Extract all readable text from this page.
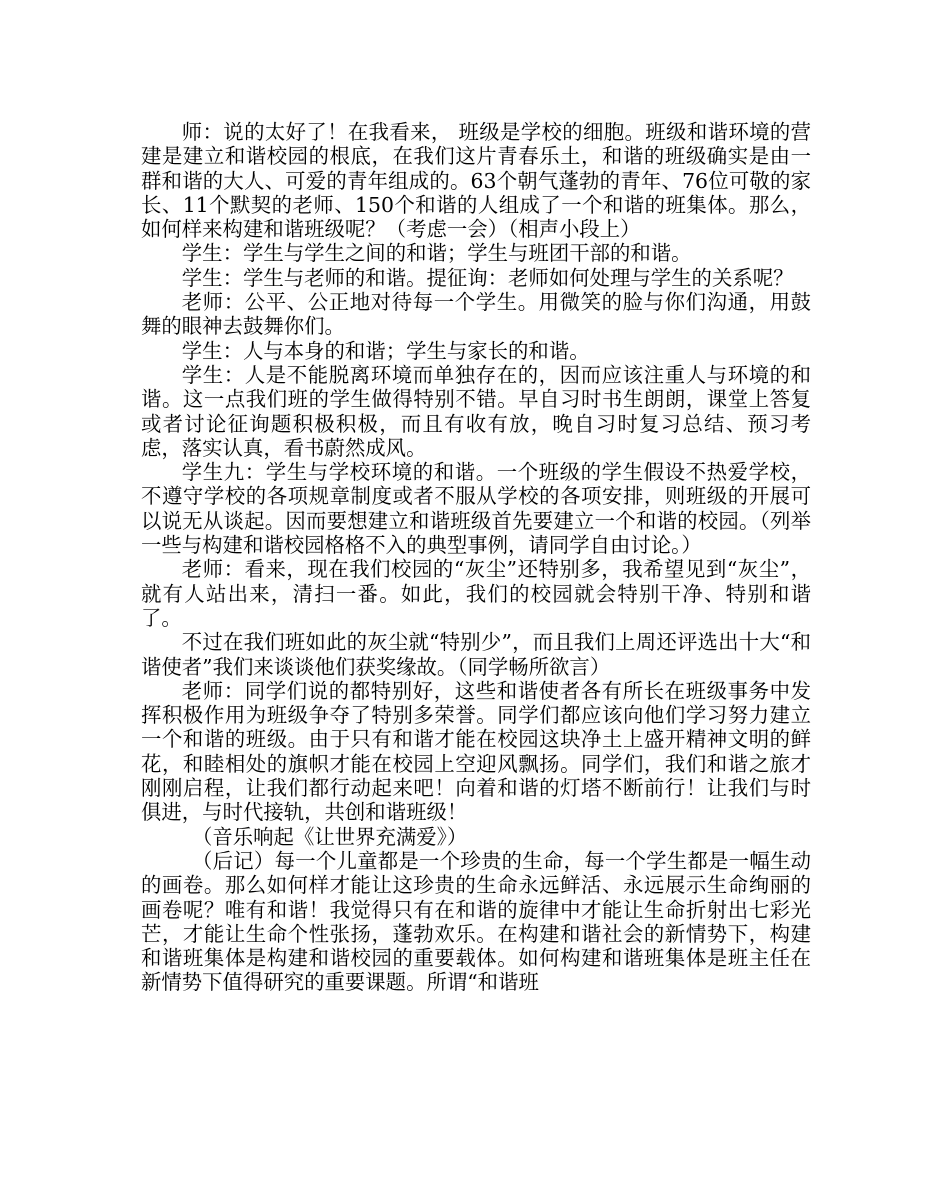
师：说的太好了！在我看来， 班级是学校的细胞。班级和谐环境的营建是建立和谐校园的根底，在我们这片青春乐土，和谐的班级确实是由一群和谐的大人、可爱的青年组成的。63个朝气蓬勃的青年、76位可敬的家长、11个默契的老师、150个和谐的人组成了一个和谐的班集体。那么，如何样来构建和谐班级呢？（考虑一会）（相声小段上）

学生：学生与学生之间的和谐；学生与班团干部的和谐。

学生：学生与老师的和谐。提征询：老师如何处理与学生的关系呢？

老师：公平、公正地对待每一个学生。用微笑的脸与你们沟通，用鼓舞的眼神去鼓舞你们。

学生：人与本身的和谐；学生与家长的和谐。

学生：人是不能脱离环境而单独存在的，因而应该注重人与环境的和谐。这一点我们班的学生做得特别不错。早自习时书生朗朗，课堂上答复或者讨论征询题积极积极，而且有收有放，晚自习时复习总结、预习考虑，落实认真，看书蔚然成风。

学生九：学生与学校环境的和谐。一个班级的学生假设不热爱学校，不遵守学校的各项规章制度或者不服从学校的各项安排，则班级的开展可以说无从谈起。因而要想建立和谐班级首先要建立一个和谐的校园。（列举一些与构建和谐校园格格不入的典型事例，请同学自由讨论。）

老师：看来，现在我们校园的“灰尘”还特别多，我希望见到“灰尘”，就有人站出来，清扫一番。如此，我们的校园就会特别干净、特别和谐了。

不过在我们班如此的灰尘就“特别少”，而且我们上周还评选出十大“和谐使者”我们来谈谈他们获奖缘故。（同学畅所欲言）

老师：同学们说的都特别好，这些和谐使者各有所长在班级事务中发挥积极作用为班级争夺了特别多荣誉。同学们都应该向他们学习努力建立一个和谐的班级。由于只有和谐才能在校园这块净土上盛开精神文明的鲜花，和睦相处的旗帜才能在校园上空迎风飘扬。同学们，我们和谐之旅才刚刚启程，让我们都行动起来吧！向着和谐的灯塔不断前行！让我们与时俱进，与时代接轨，共创和谐班级！

（音乐响起《让世界充满爱》）

（后记）每一个儿童都是一个珍贵的生命，每一个学生都是一幅生动的画卷。那么如何样才能让这珍贵的生命永远鲜活、永远展示生命绚丽的画卷呢？唯有和谐！我觉得只有在和谐的旋律中才能让生命折射出七彩光芒，才能让生命个性张扬，蓬勃欢乐。在构建和谐社会的新情势下，构建和谐班集体是构建和谐校园的重要载体。如何构建和谐班集体是班主任在新情势下值得研究的重要课题。所谓“和谐班
